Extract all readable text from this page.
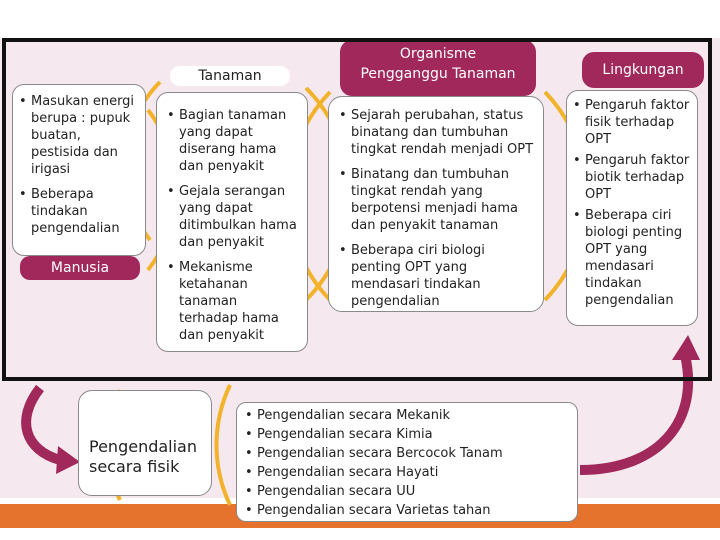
• Masukan energi berupa : pupuk buatan, pestisida dan irigasi
• Beberapa tindakan pengendalian
Manusia
Tanaman
• Bagian tanaman yang dapat diserang hama dan penyakit
• Gejala serangan yang dapat ditimbulkan hama dan penyakit
• Mekanisme ketahanan tanaman terhadap hama dan penyakit
Organisme Pengganggu Tanaman
• Sejarah perubahan, status binatang dan tumbuhan tingkat rendah menjadi OPT
• Binatang dan tumbuhan tingkat rendah yang berpotensi menjadi hama dan penyakit tanaman
• Beberapa ciri biologi penting OPT yang mendasari tindakan pengendalian
Lingkungan
• Pengaruh faktor fisik terhadap OPT
• Pengaruh faktor biotik terhadap OPT
• Beberapa ciri biologi penting OPT yang mendasari tindakan pengendalian
Pengendalian secara fisik
• Pengendalian secara Mekanik
• Pengendalian secara Kimia
• Pengendalian secara Bercocok Tanam
• Pengendalian secara Hayati
• Pengendalian secara UU
• Pengendalian secara Varietas tahan
